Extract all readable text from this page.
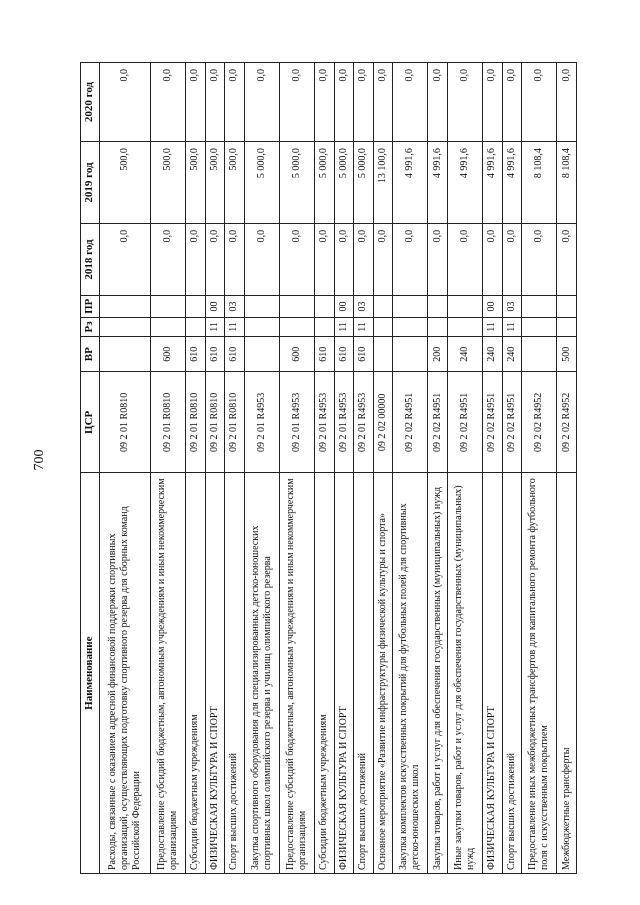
700
Наименование	ЦСР	ВР	Рз	ПР	2018 год	2019 год	2020 год
Расходы, связанные с оказанием адресной финансовой поддержки спортивных организаций, осуществляющих подготовку спортивного резерва для сборных команд Российской Федерации	09 2 01 R0810				0,0	500,0	0,0
Предоставление субсидий бюджетным, автономным учреждениям и иным некоммерческим организациям	09 2 01 R0810	600			0,0	500,0	0,0
Субсидии бюджетным учреждениям	09 2 01 R0810	610			0,0	500,0	0,0
ФИЗИЧЕСКАЯ КУЛЬТУРА И СПОРТ	09 2 01 R0810	610	11	00	0,0	500,0	0,0
Спорт высших достижений	09 2 01 R0810	610	11	03	0,0	500,0	0,0
Закупка спортивного оборудования для специализированных детско-юношеских спортивных школ олимпийского резерва и училищ олимпийского резерва	09 2 01 R4953				0,0	5 000,0	0,0
Предоставление субсидий бюджетным, автономным учреждениям и иным некоммерческим организациям	09 2 01 R4953	600			0,0	5 000,0	0,0
Субсидии бюджетным учреждениям	09 2 01 R4953	610			0,0	5 000,0	0,0
ФИЗИЧЕСКАЯ КУЛЬТУРА И СПОРТ	09 2 01 R4953	610	11	00	0,0	5 000,0	0,0
Спорт высших достижений	09 2 01 R4953	610	11	03	0,0	5 000,0	0,0
Основное мероприятие «Развитие инфраструктуры физической культуры и спорта»	09 2 02 00000				0,0	13 100,0	0,0
Закупка комплектов искусственных покрытий для футбольных полей для спортивных детско-юношеских школ	09 2 02 R4951				0,0	4 991,6	0,0
Закупка товаров, работ и услуг для обеспечения государственных (муниципальных) нужд	09 2 02 R4951	200			0,0	4 991,6	0,0
Иные закупки товаров, работ и услуг для обеспечения государственных (муниципальных) нужд	09 2 02 R4951	240			0,0	4 991,6	0,0
ФИЗИЧЕСКАЯ КУЛЬТУРА И СПОРТ	09 2 02 R4951	240	11	00	0,0	4 991,6	0,0
Спорт высших достижений	09 2 02 R4951	240	11	03	0,0	4 991,6	0,0
Предоставление иных межбюджетных трансфертов для капитального ремонта футбольного поля с искусственным покрытием	09 2 02 R4952				0,0	8 108,4	0,0
Межбюджетные трансферты	09 2 02 R4952	500			0,0	8 108,4	0,0
